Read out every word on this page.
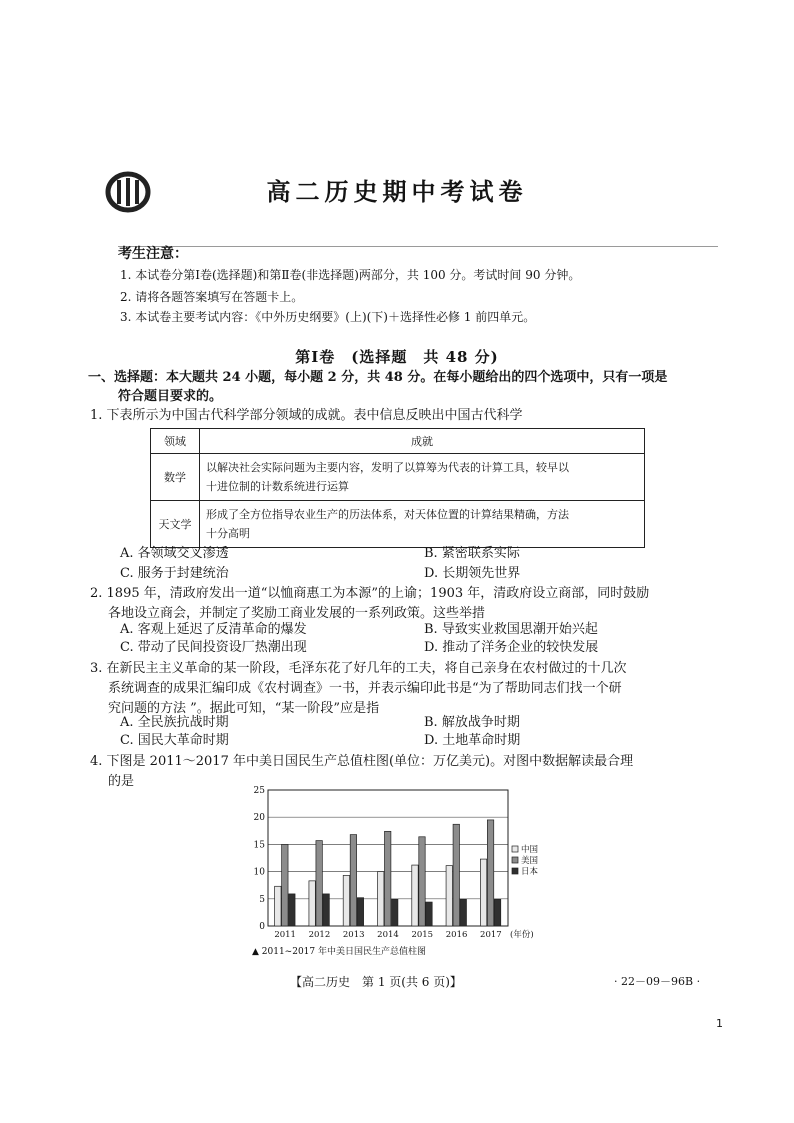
高二历史期中考试卷
考生注意：
1. 本试卷分第Ⅰ卷(选择题)和第Ⅱ卷(非选择题)两部分，共 100 分。考试时间 90 分钟。
2. 请将各题答案填写在答题卡上。
3. 本试卷主要考试内容：《中外历史纲要》(上)(下)＋选择性必修 1 前四单元。
第Ⅰ卷　(选择题　共 48 分)
一、选择题：本大题共 24 小题，每小题 2 分，共 48 分。在每小题给出的四个选项中，只有一项是
符合题目要求的。
1. 下表所示为中国古代科学部分领域的成就。表中信息反映出中国古代科学
领域	成就
数学	以解决社会实际问题为主要内容，发明了以算筹为代表的计算工具，较早以
十进位制的计数系统进行运算

天文学	形成了全方位指导农业生产的历法体系，对天体位置的计算结果精确，方法
十分高明
A. 各领域交叉渗透	B. 紧密联系实际
C. 服务于封建统治	D. 长期领先世界
2. 1895 年，清政府发出一道“以恤商惠工为本源”的上谕；1903 年，清政府设立商部，同时鼓励
各地设立商会，并制定了奖励工商业发展的一系列政策。这些举措
A. 客观上延迟了反清革命的爆发	B. 导致实业救国思潮开始兴起
C. 带动了民间投资设厂热潮出现	D. 推动了洋务企业的较快发展
3. 在新民主主义革命的某一阶段，毛泽东花了好几年的工夫，将自己亲身在农村做过的十几次
系统调查的成果汇编印成《农村调查》一书，并表示编印此书是“为了帮助同志们找一个研
究问题的方法 ”。据此可知，“某一阶段”应是指
A. 全民族抗战时期	B. 解放战争时期
C. 国民大革命时期	D. 土地革命时期
4. 下图是 2011～2017 年中美日国民生产总值柱图(单位：万亿美元)。对图中数据解读最合理
的是
0
5
10
15
20
25
2011 2012 2013 2014 2015 2016 2017 (年份)
中国
美国
日本
▲ 2011~2017 年中美日国民生产总值柱图
【高二历史　第 1 页(共 6 页)】	· 22－09－96B ·
1
